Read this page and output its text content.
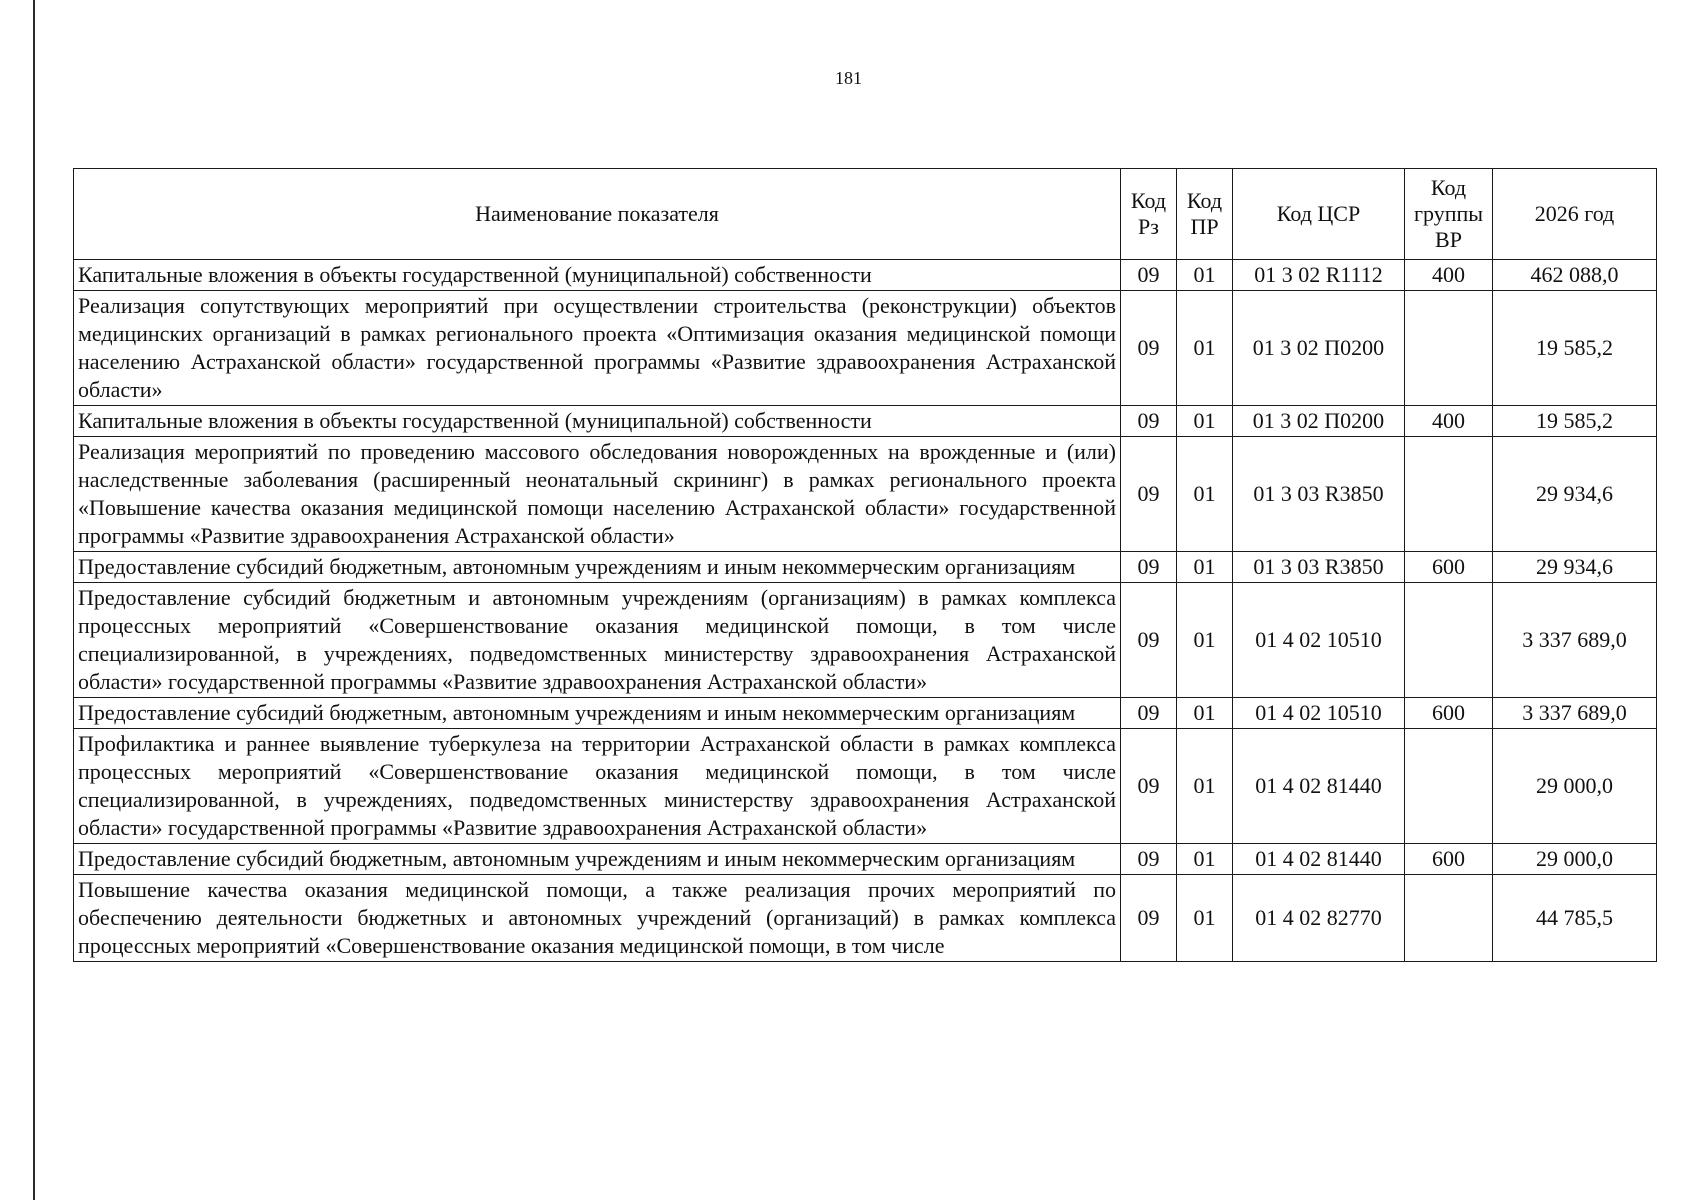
181
Наименование показателя	Код Рз	Код ПР	Код ЦСР	Код группы ВР	2026 год
Капитальные вложения в объекты государственной (муниципальной) собственности	09	01	01 3 02 R1112	400	462 088,0
Реализация сопутствующих мероприятий при осуществлении строительства (реконструкции) объектов медицинских организаций в рамках регионального проекта «Оптимизация оказания медицинской помощи населению Астраханской области» государственной программы «Развитие здравоохранения Астраханской области»	09	01	01 3 02 П0200		19 585,2
Капитальные вложения в объекты государственной (муниципальной) собственности	09	01	01 3 02 П0200	400	19 585,2
Реализация мероприятий по проведению массового обследования новорожденных на врожденные и (или) наследственные заболевания (расширенный неонатальный скрининг) в рамках регионального проекта «Повышение качества оказания медицинской помощи населению Астраханской области» государственной программы «Развитие здравоохранения Астраханской области»	09	01	01 3 03 R3850		29 934,6
Предоставление субсидий бюджетным, автономным учреждениям и иным некоммерческим организациям	09	01	01 3 03 R3850	600	29 934,6
Предоставление субсидий бюджетным и автономным учреждениям (организациям) в рамках комплекса процессных мероприятий «Совершенствование оказания медицинской помощи, в том числе специализированной, в учреждениях, подведомственных министерству здравоохранения Астраханской области» государственной программы «Развитие здравоохранения Астраханской области»	09	01	01 4 02 10510		3 337 689,0
Предоставление субсидий бюджетным, автономным учреждениям и иным некоммерческим организациям	09	01	01 4 02 10510	600	3 337 689,0
Профилактика и раннее выявление туберкулеза на территории Астраханской области в рамках комплекса процессных мероприятий «Совершенствование оказания медицинской помощи, в том числе специализированной, в учреждениях, подведомственных министерству здравоохранения Астраханской области» государственной программы «Развитие здравоохранения Астраханской области»	09	01	01 4 02 81440		29 000,0
Предоставление субсидий бюджетным, автономным учреждениям и иным некоммерческим организациям	09	01	01 4 02 81440	600	29 000,0
Повышение качества оказания медицинской помощи, а также реализация прочих мероприятий по обеспечению деятельности бюджетных и автономных учреждений (организаций) в рамках комплекса процессных мероприятий «Совершенствование оказания медицинской помощи, в том числе	09	01	01 4 02 82770		44 785,5
